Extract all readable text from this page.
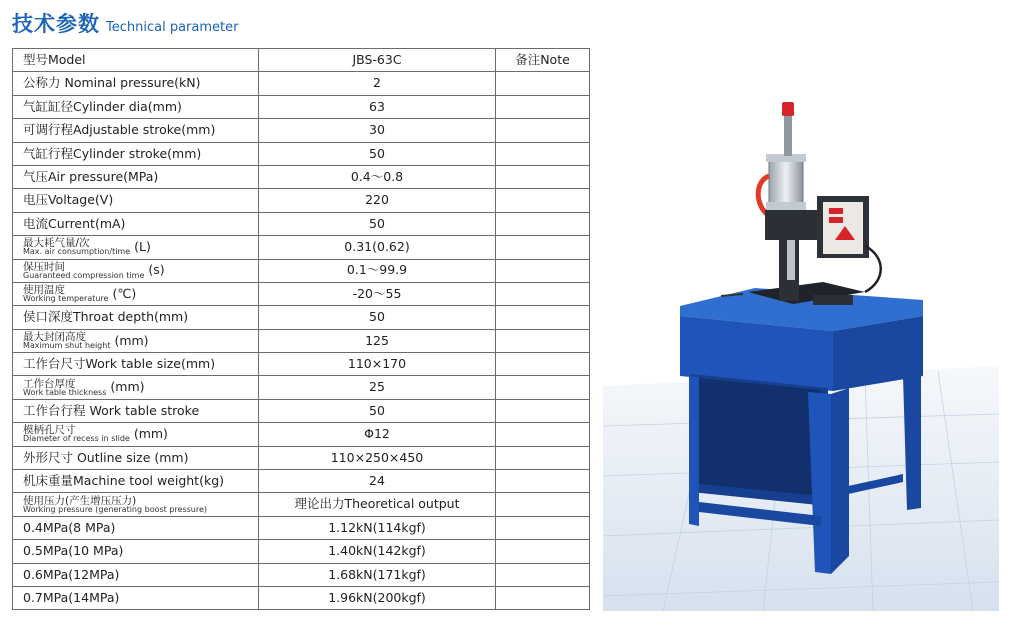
技术参数 Technical parameter
型号Model	JBS-63C	备注Note
公称力 Nominal pressure(kN)	2	
气缸缸径Cylinder dia(mm)	63	
可调行程Adjustable stroke(mm)	30	
气缸行程Cylinder stroke(mm)	50	
气压Air pressure(MPa)	0.4～0.8	
电压Voltage(V)	220	
电流Current(mA)	50	

最大耗气量/次
Max. air consumption/time (L)	0.31(0.62)	

保压时间
Guaranteed compression time (s)	0.1～99.9	

使用温度
Working temperature (℃)	-20～55	
侯口深度Throat depth(mm)	50	

最大封闭高度
Maximum shut height (mm)	125	
工作台尺寸Work table size(mm)	110×170	

工作台厚度
Work table thickness (mm)	25	
工作台行程 Work table stroke	50	

模柄孔尺寸
Diameter of recess in slide (mm)	Φ12	
外形尺寸 Outline size (mm)	110×250×450	
机床重量Machine tool weight(kg)	24	

使用压力(产生增压压力)
Working pressure (generating boost pressure)	理论出力Theoretical output	
0.4MPa(8 MPa)	1.12kN(114kgf)	
0.5MPa(10 MPa)	1.40kN(142kgf)	
0.6MPa(12MPa)	1.68kN(171kgf)	
0.7MPa(14MPa)	1.96kN(200kgf)	
